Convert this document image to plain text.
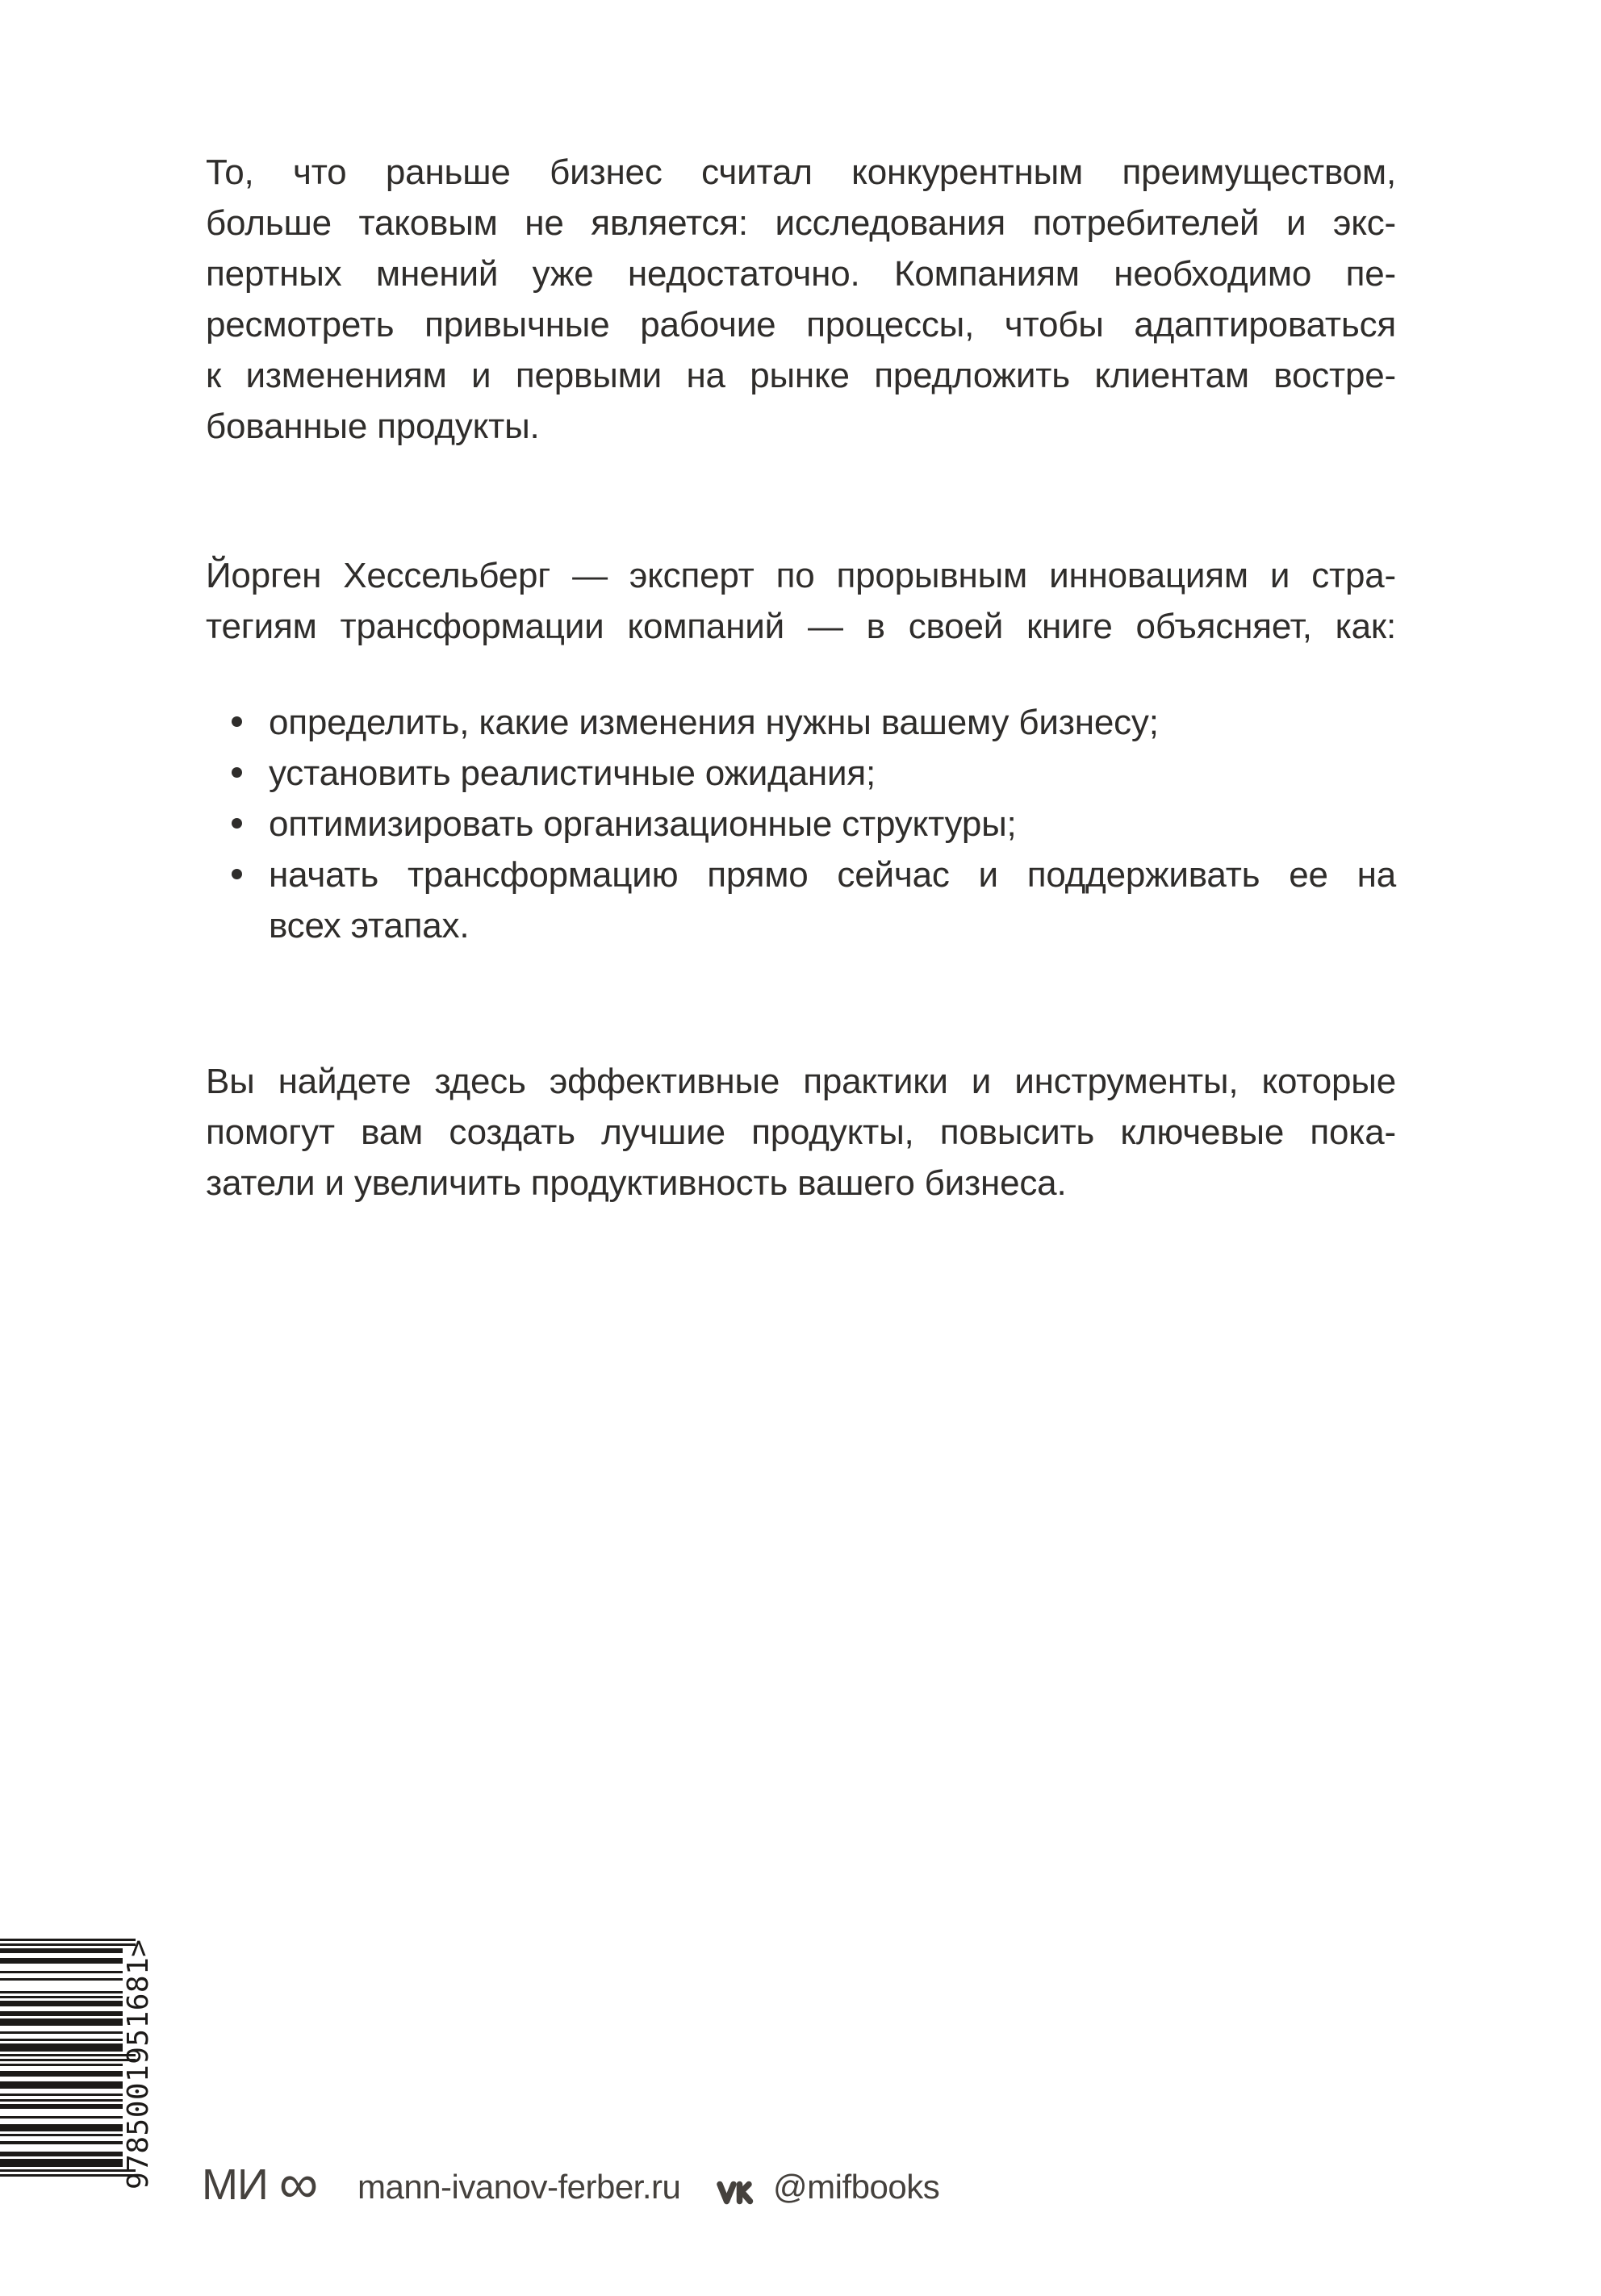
То, что раньше бизнес считал конкурентным преимуществом,
больше таковым не является: исследования потребителей и экс-
пертных мнений уже недостаточно. Компаниям необходимо пе-
ресмотреть привычные рабочие процессы, чтобы адаптироваться
к изменениям и первыми на рынке предложить клиентам востре-
бованные продукты.
Йорген Хессельберг — эксперт по прорывным инновациям и стра-
тегиям трансформации компаний — в своей книге объясняет, как:
определить, какие изменения нужны вашему бизнесу;
установить реалистичные ожидания;
оптимизировать организационные структуры;
начать трансформацию прямо сейчас и поддерживать ее на
всех этапах.
Вы найдете здесь эффективные практики и инструменты, которые
помогут вам создать лучшие продукты, повысить ключевые пока-
затели и увеличить продуктивность вашего бизнеса.
9785001951681> МИ ∞ mann-ivanov-ferber.ru	@mifbooks
